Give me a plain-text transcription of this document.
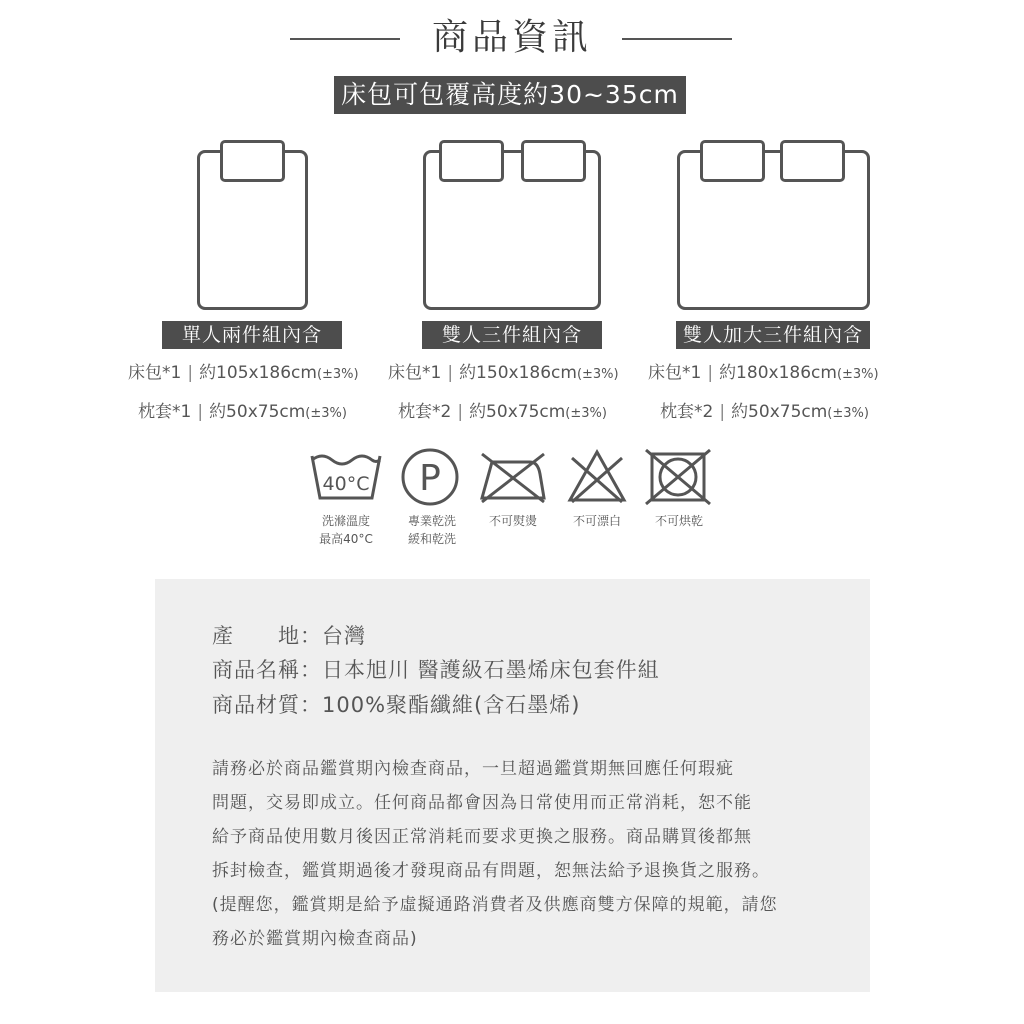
商品資訊
床包可包覆高度約30~35cm
單人兩件組內含	雙人三件組內含	雙人加大三件組內含
床包*1 | 約105x186cm(±3%) 床包*1 | 約150x186cm(±3%) 床包*1 | 約180x186cm(±3%)
枕套*1 | 約50x75cm(±3%)	枕套*2 | 約50x75cm(±3%)	枕套*2 | 約50x75cm(±3%)
40°C P
洗滌溫度
最高40°C
專業乾洗
緩和乾洗
不可熨燙	不可漂白	不可烘乾
產　　地：台灣
商品名稱：日本旭川 醫護級石墨烯床包套件組
商品材質：100%聚酯纖維(含石墨烯)

請務必於商品鑑賞期內檢查商品，一旦超過鑑賞期無回應任何瑕疵

問題，交易即成立。任何商品都會因為日常使用而正常消耗，恕不能

給予商品使用數月後因正常消耗而要求更換之服務。商品購買後都無

拆封檢查，鑑賞期過後才發現商品有問題，恕無法給予退換貨之服務。

(提醒您，鑑賞期是給予虛擬通路消費者及供應商雙方保障的規範，請您

務必於鑑賞期內檢查商品)
